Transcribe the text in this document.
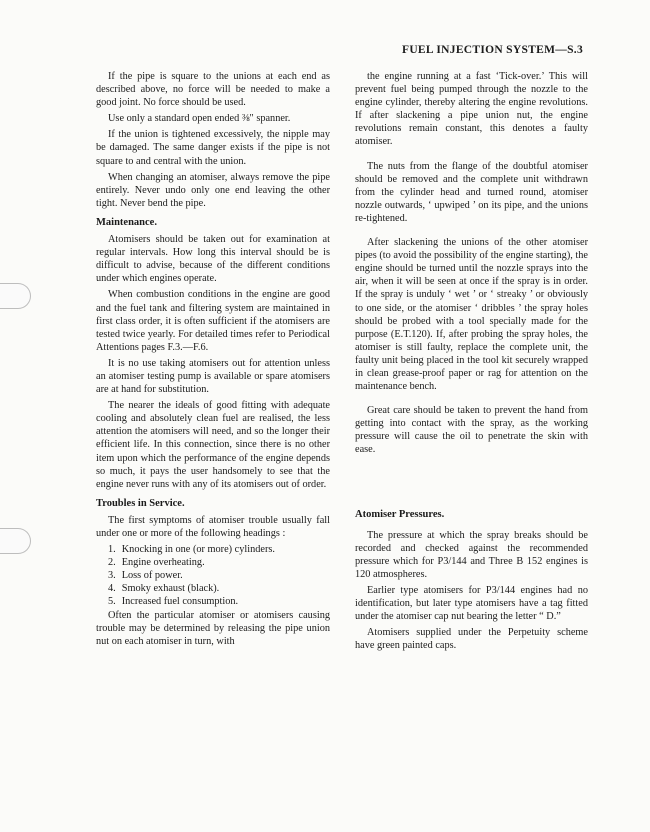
FUEL INJECTION SYSTEM—S.3

If the pipe is square to the unions at each end as described above, no force will be needed to make a good joint. No force should be used.

Use only a standard open ended ⅜" spanner.

If the union is tightened excessively, the nipple may be damaged. The same danger exists if the pipe is not square to and central with the union.

When changing an atomiser, always remove the pipe entirely. Never undo only one end leaving the other tight. Never bend the pipe.

Maintenance.

Atomisers should be taken out for examination at regular intervals. How long this interval should be is difficult to advise, because of the different conditions under which engines operate.

When combustion conditions in the engine are good and the fuel tank and filtering system are maintained in first class order, it is often sufficient if the atomisers are tested twice yearly. For detailed times refer to Periodical Attentions pages F.3.—F.6.

It is no use taking atomisers out for attention unless an atomiser testing pump is available or spare atomisers are at hand for substitution.

The nearer the ideals of good fitting with adequate cooling and absolutely clean fuel are realised, the less attention the atomisers will need, and so the longer their efficient life. In this connection, since there is no other item upon which the performance of the engine depends so much, it pays the user handsomely to see that the engine never runs with any of its atomisers out of order.

Troubles in Service.

The first symptoms of atomiser trouble usually fall under one or more of the following headings :

1. Knocking in one (or more) cylinders.
2. Engine overheating.
3. Loss of power.
4. Smoky exhaust (black).
5. Increased fuel consumption.

Often the particular atomiser or atomisers causing trouble may be determined by releasing the pipe union nut on each atomiser in turn, with

the engine running at a fast ‘Tick-over.’ This will prevent fuel being pumped through the nozzle to the engine cylinder, thereby altering the engine revolutions. If after slackening a pipe union nut, the engine revolutions remain constant, this denotes a faulty atomiser.

The nuts from the flange of the doubtful atomiser should be removed and the complete unit withdrawn from the cylinder head and turned round, atomiser nozzle outwards, ‘ upwiped ’ on its pipe, and the unions re-tightened.

After slackening the unions of the other atomiser pipes (to avoid the possibility of the engine starting), the engine should be turned until the nozzle sprays into the air, when it will be seen at once if the spray is in order. If the spray is unduly ‘ wet ’ or ‘ streaky ’ or obviously to one side, or the atomiser ‘ dribbles ’ the spray holes should be probed with a tool specially made for the purpose (E.T.120). If, after probing the spray holes, the atomiser is still faulty, replace the complete unit, the faulty unit being placed in the tool kit securely wrapped in clean grease-proof paper or rag for attention on the maintenance bench.

Great care should be taken to prevent the hand from getting into contact with the spray, as the working pressure will cause the oil to penetrate the skin with ease.

Atomiser Pressures.

The pressure at which the spray breaks should be recorded and checked against the recommended pressure which for P3/144 and Three B 152 engines is 120 atmospheres.

Earlier type atomisers for P3/144 engines had no identification, but later type atomisers have a tag fitted under the atomiser cap nut bearing the letter “ D.”

Atomisers supplied under the Perpetuity scheme have green painted caps.
